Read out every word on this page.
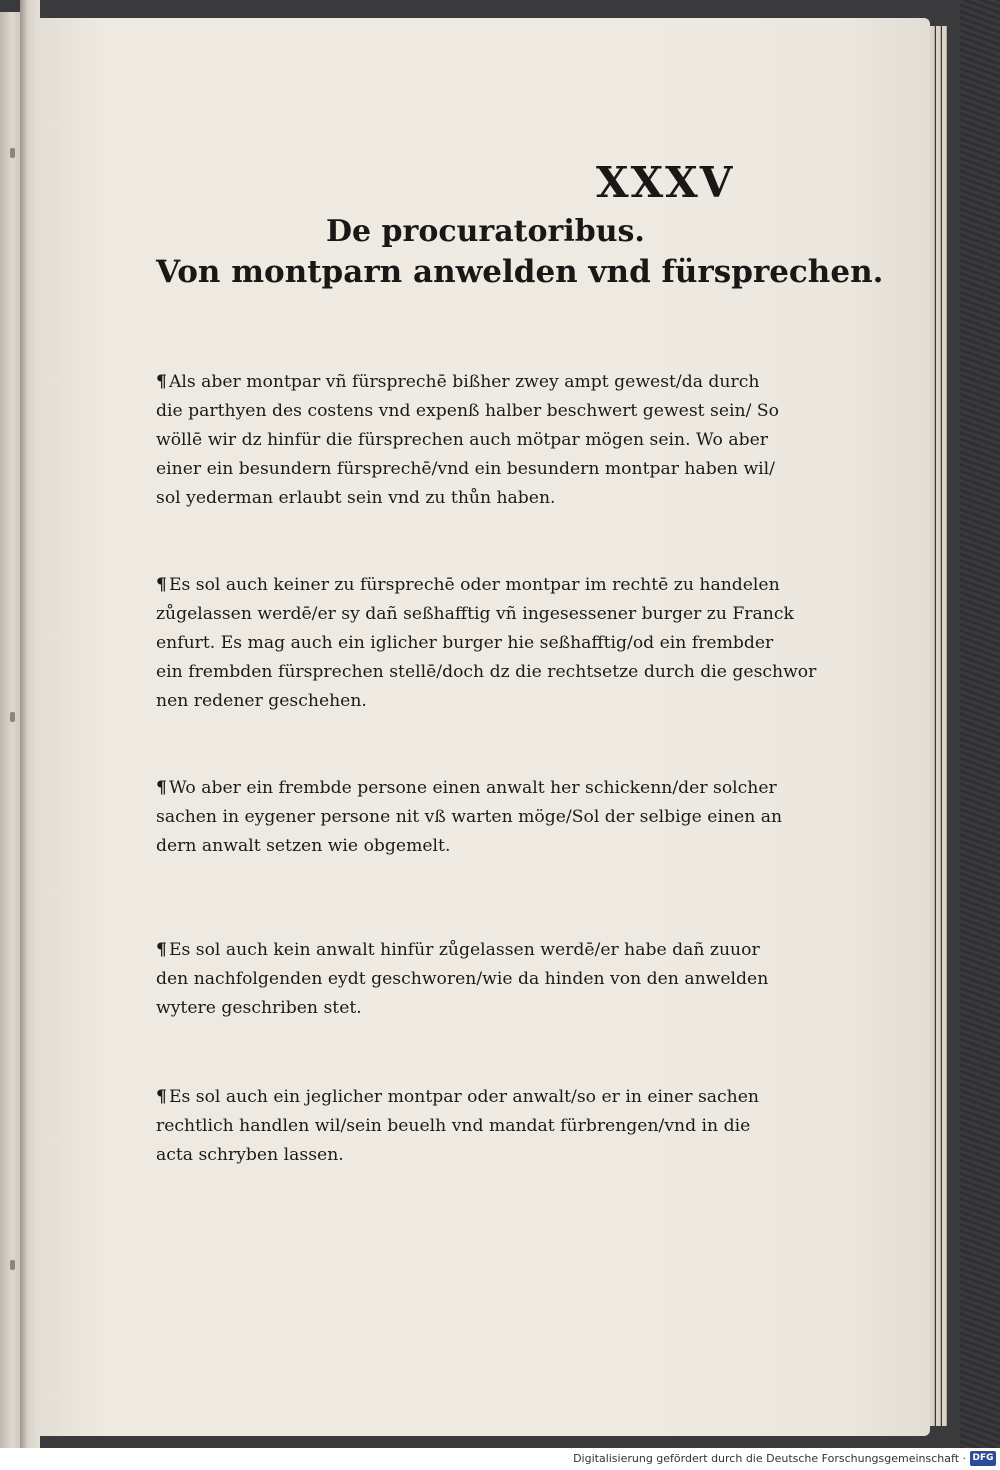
XXXV
De procuratoribus.
Von montparn anwelden vnd fürsprechen.
¶ Als aber montpar vñ fürsprechē bißher zwey ampt gewest/da durch
die parthyen des costens vnd expenß halber beschwert gewest sein/ So
wöllē wir dz hinfür die fürsprechen auch mötpar mögen sein. Wo aber
einer ein besundern fürsprechē/vnd ein besundern montpar haben wil/
sol yederman erlaubt sein vnd zu thůn haben.
¶ Es sol auch keiner zu fürsprechē oder montpar im rechtē zu handelen
zůgelassen werdē/er sy dañ seßhafftig vñ ingesessener burger zu Franck
enfurt. Es mag auch ein iglicher burger hie seßhafftig/od ein frembder
ein frembden fürsprechen stellē/doch dz die rechtsetze durch die geschwor
nen redener geschehen.
¶ Wo aber ein frembde persone einen anwalt her schickenn/der solcher
sachen in eygener persone nit vß warten möge/Sol der selbige einen an
dern anwalt setzen wie obgemelt.
¶ Es sol auch kein anwalt hinfür zůgelassen werdē/er habe dañ zuuor
den nachfolgenden eydt geschworen/wie da hinden von den anwelden
wytere geschriben stet.
¶ Es sol auch ein jeglicher montpar oder anwalt/so er in einer sachen
rechtlich handlen wil/sein beuelh vnd mandat fürbrengen/vnd in die
acta schryben lassen.
Digitalisierung gefördert durch die Deutsche Forschungsgemeinschaft · DFG
